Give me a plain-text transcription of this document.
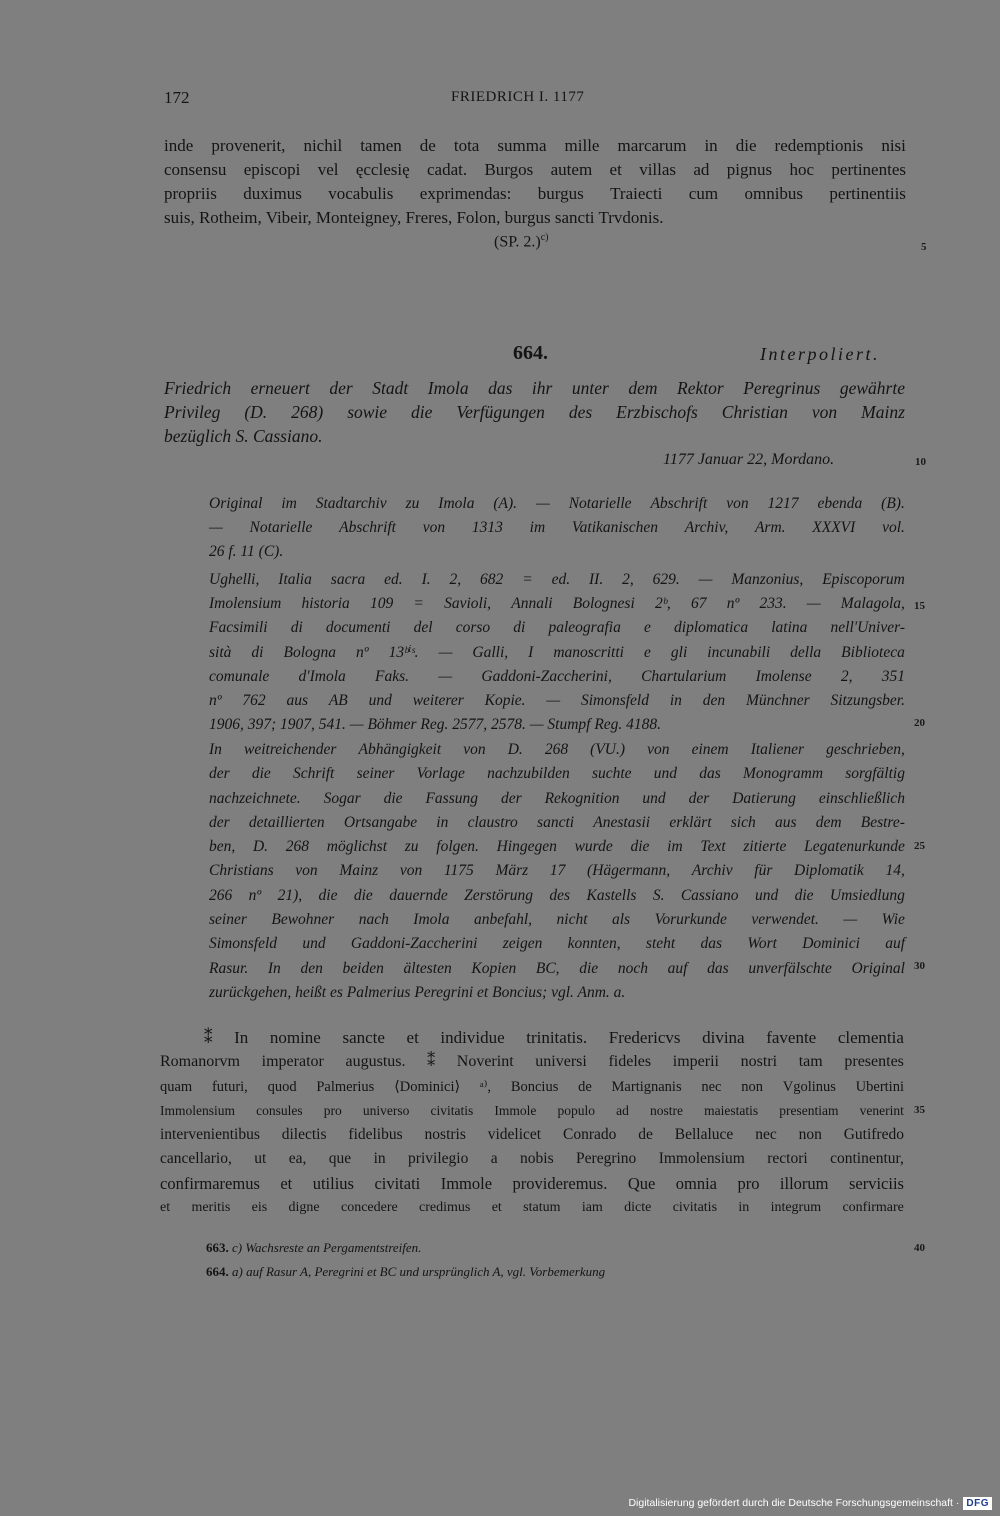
172	FRIEDRICH I. 1177
inde provenerit, nichil tamen de tota summa mille marcarum in die redemptionis nisi
consensu episcopi vel ęcclesię cadat. Burgos autem et villas ad pignus hoc pertinentes
propriis duximus vocabulis exprimendas: burgus Traiecti cum omnibus pertinentiis
suis, Rotheim, Vibeir, Monteigney, Freres, Folon, burgus sancti Trvdonis.
(SP. 2.)$^{c)}$
5
10
15
20
25
30
35
40
664.	Interpoliert.
Friedrich erneuert der Stadt Imola das ihr unter dem Rektor Peregrinus gewährte
Privileg (D. 268) sowie die Verfügungen des Erzbischofs Christian von Mainz
bezüglich S. Cassiano.
1177 Januar 22, Mordano.
Original im Stadtarchiv zu Imola (A). — Notarielle Abschrift von 1217 ebenda (B).
— Notarielle Abschrift von 1313 im Vatikanischen Archiv, Arm. XXXVI vol.
26 f. 11 (C).
Ughelli, Italia sacra ed. I. 2, 682 = ed. II. 2, 629. — Manzonius, Episcoporum
Imolensium historia 109 = Savioli, Annali Bolognesi 2ᵇ, 67 nº 233. — Malagola,
Facsimili di documenti del corso di paleografia e diplomatica latina nell'Univer-
sità di Bologna nº 13ᵇⁱˢ. — Galli, I manoscritti e gli incunabili della Biblioteca
comunale d'Imola Faks. — Gaddoni-Zaccherini, Chartularium Imolense 2, 351
nº 762 aus AB und weiterer Kopie. — Simonsfeld in den Münchner Sitzungsber.
1906, 397; 1907, 541. — Böhmer Reg. 2577, 2578. — Stumpf Reg. 4188.
In weitreichender Abhängigkeit von D. 268 (VU.) von einem Italiener geschrieben,
der die Schrift seiner Vorlage nachzubilden suchte und das Monogramm sorgfältig
nachzeichnete. Sogar die Fassung der Rekognition und der Datierung einschließlich
der detaillierten Ortsangabe in claustro sancti Anestasii erklärt sich aus dem Bestre-
ben, D. 268 möglichst zu folgen. Hingegen wurde die im Text zitierte Legatenurkunde
Christians von Mainz von 1175 März 17 (Hägermann, Archiv für Diplomatik 14,
266 nº 21), die die dauernde Zerstörung des Kastells S. Cassiano und die Umsiedlung
seiner Bewohner nach Imola anbefahl, nicht als Vorurkunde verwendet. — Wie
Simonsfeld und Gaddoni-Zaccherini zeigen konnten, steht das Wort Dominici auf
Rasur. In den beiden ältesten Kopien BC, die noch auf das unverfälschte Original
zurückgehen, heißt es Palmerius Peregrini et Boncius; vgl. Anm. a.
⁑ In nomine sancte et individue trinitatis. Fredericvs divina favente clementia
Romanorvm imperator augustus. ⁑ Noverint universi fideles imperii nostri tam presentes
quam futuri, quod Palmerius ⟨Dominici⟩ ᵃ⁾, Boncius de Martignanis nec non Vgolinus Ubertini
Immolensium consules pro universo civitatis Immole populo ad nostre maiestatis presentiam venerint
intervenientibus dilectis fidelibus nostris videlicet Conrado de Bellaluce nec non Gutifredo
cancellario, ut ea, que in privilegio a nobis Peregrino Immolensium rectori continentur,
confirmaremus et utilius civitati Immole provideremus. Que omnia pro illorum serviciis
et meritis eis digne concedere credimus et statum iam dicte civitatis in integrum confirmare
663. c) Wachsreste an Pergamentstreifen.
664. a) auf Rasur A, Peregrini et BC und ursprünglich A, vgl. Vorbemerkung
Digitalisierung gefördert durch die Deutsche Forschungsgemeinschaft · DFG
